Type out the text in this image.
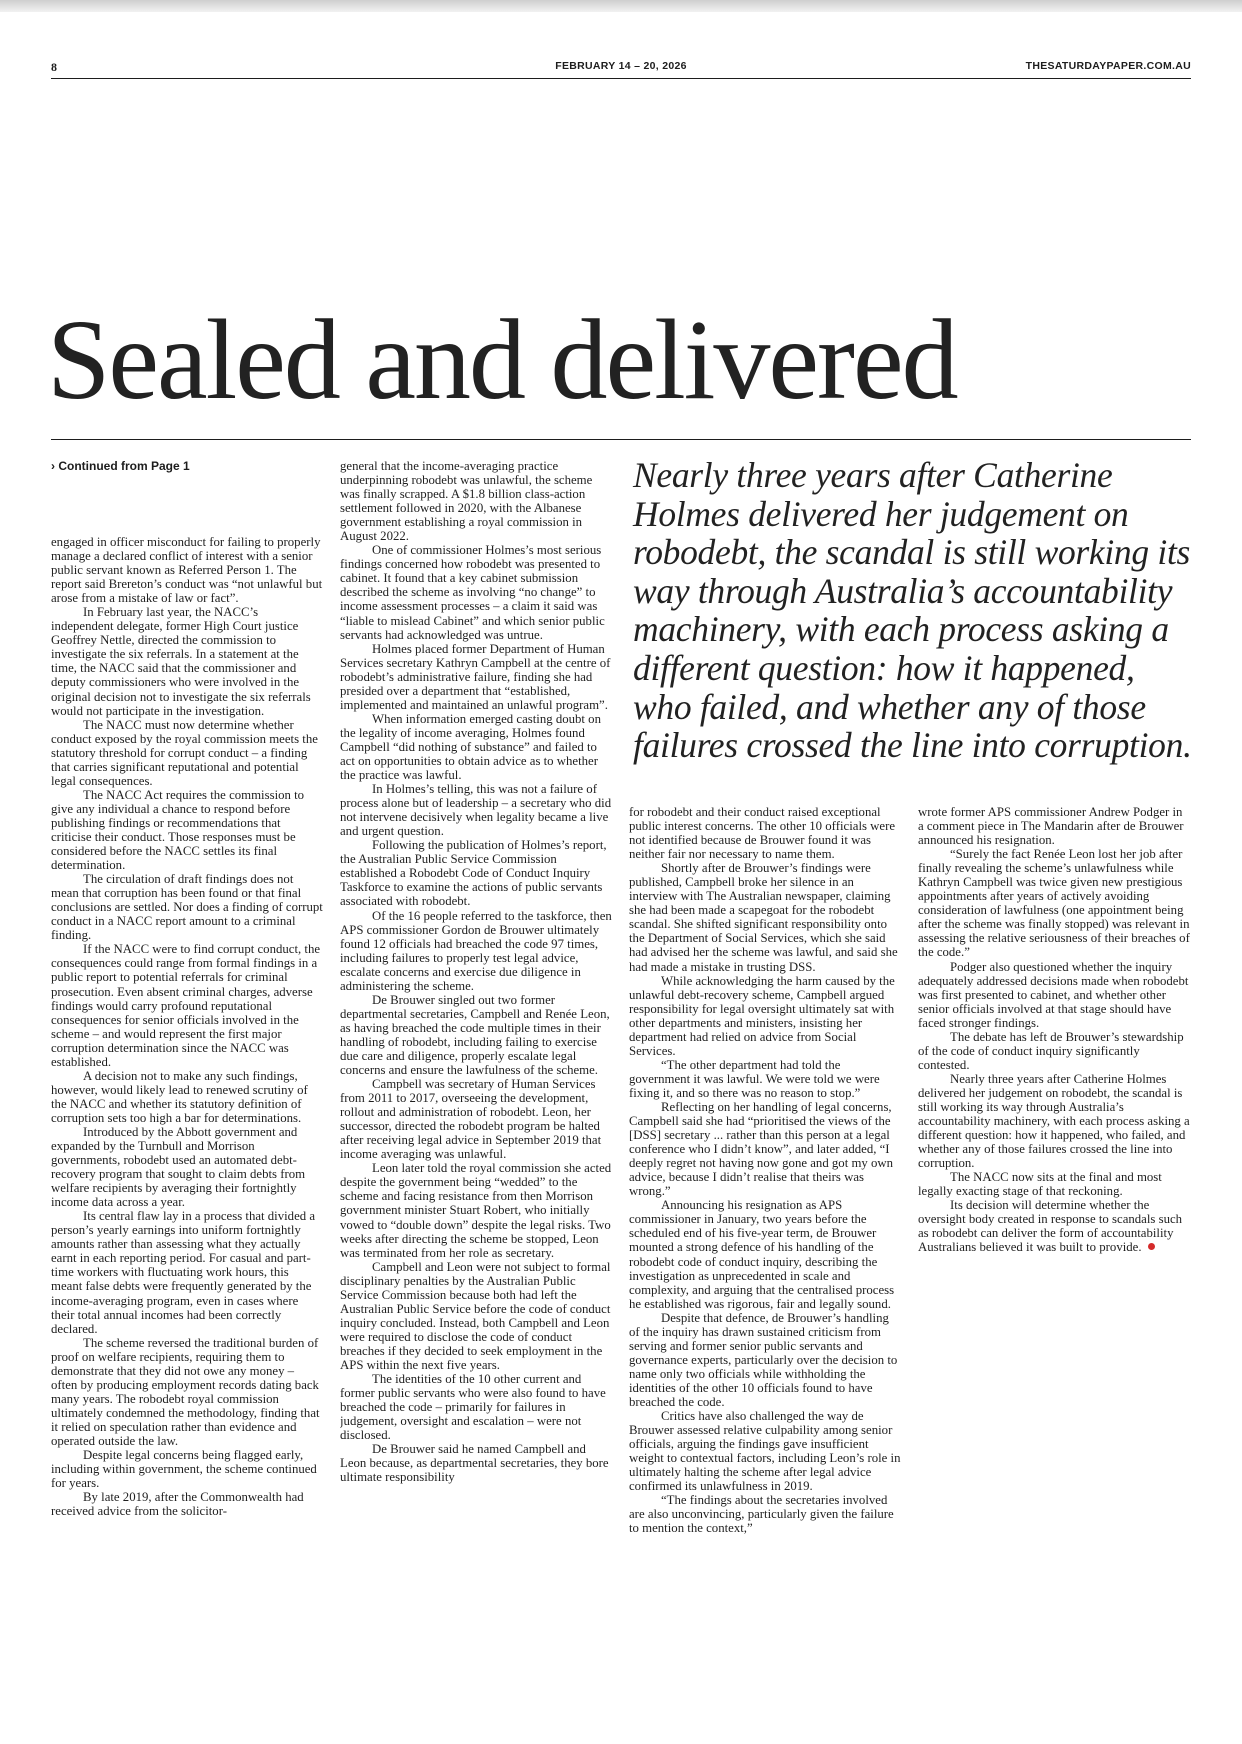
8	FEBRUARY 14 – 20, 2026	THESATURDAYPAPER.COM.AU
Sealed and delivered
› Continued from Page 1	Nearly three years after Catherine Holmes delivered her judgement on robodebt, the scandal is still working its way through Australia’s accountability machinery, with each process asking a different question: how it happened, who failed, and whether any of those failures crossed the line into corruption.

engaged in officer misconduct for failing to properly manage a declared conflict of interest with a senior public servant known as Referred Person 1. The report said Brereton’s conduct was “not unlawful but arose from a mistake of law or fact”.

In February last year, the NACC’s independent delegate, former High Court justice Geoffrey Nettle, directed the commission to investigate the six referrals. In a statement at the time, the NACC said that the commissioner and deputy commissioners who were involved in the original decision not to investigate the six referrals would not participate in the investigation.

The NACC must now determine whether conduct exposed by the royal commission meets the statutory threshold for corrupt conduct – a finding that carries significant reputational and potential legal consequences.

The NACC Act requires the commission to give any individual a chance to respond before publishing findings or recommendations that criticise their conduct. Those responses must be considered before the NACC settles its final determination.

The circulation of draft findings does not mean that corruption has been found or that final conclusions are settled. Nor does a finding of corrupt conduct in a NACC report amount to a criminal finding.

If the NACC were to find corrupt conduct, the consequences could range from formal findings in a public report to potential referrals for criminal prosecution. Even absent criminal charges, adverse findings would carry profound reputational consequences for senior officials involved in the scheme – and would represent the first major corruption determination since the NACC was established.

A decision not to make any such findings, however, would likely lead to renewed scrutiny of the NACC and whether its statutory definition of corruption sets too high a bar for determinations.

Introduced by the Abbott government and expanded by the Turnbull and Morrison governments, robodebt used an automated debt-recovery program that sought to claim debts from welfare recipients by averaging their fortnightly income data across a year.

Its central flaw lay in a process that divided a person’s yearly earnings into uniform fortnightly amounts rather than assessing what they actually earnt in each reporting period. For casual and part-time workers with fluctuating work hours, this meant false debts were frequently generated by the income-averaging program, even in cases where their total annual incomes had been correctly declared.

The scheme reversed the traditional burden of proof on welfare recipients, requiring them to demonstrate that they did not owe any money – often by producing employment records dating back many years. The robodebt royal commission ultimately condemned the methodology, finding that it relied on speculation rather than evidence and operated outside the law.

Despite legal concerns being flagged early, including within government, the scheme continued for years.

By late 2019, after the Commonwealth had received advice from the solicitor-

general that the income-averaging practice underpinning robodebt was unlawful, the scheme was finally scrapped. A $1.8 billion class-action settlement followed in 2020, with the Albanese government establishing a royal commission in August 2022.

One of commissioner Holmes’s most serious findings concerned how robodebt was presented to cabinet. It found that a key cabinet submission described the scheme as involving “no change” to income assessment processes – a claim it said was “liable to mislead Cabinet” and which senior public servants had acknowledged was untrue.

Holmes placed former Department of Human Services secretary Kathryn Campbell at the centre of robodebt’s administrative failure, finding she had presided over a department that “established, implemented and maintained an unlawful program”.

When information emerged casting doubt on the legality of income averaging, Holmes found Campbell “did nothing of substance” and failed to act on opportunities to obtain advice as to whether the practice was lawful.

In Holmes’s telling, this was not a failure of process alone but of leadership – a secretary who did not intervene decisively when legality became a live and urgent question.

Following the publication of Holmes’s report, the Australian Public Service Commission established a Robodebt Code of Conduct Inquiry Taskforce to examine the actions of public servants associated with robodebt.

Of the 16 people referred to the taskforce, then APS commissioner Gordon de Brouwer ultimately found 12 officials had breached the code 97 times, including failures to properly test legal advice, escalate concerns and exercise due diligence in administering the scheme.

De Brouwer singled out two former departmental secretaries, Campbell and Renée Leon, as having breached the code multiple times in their handling of robodebt, including failing to exercise due care and diligence, properly escalate legal concerns and ensure the lawfulness of the scheme.

Campbell was secretary of Human Services from 2011 to 2017, overseeing the development, rollout and administration of robodebt. Leon, her successor, directed the robodebt program be halted after receiving legal advice in September 2019 that income averaging was unlawful.

Leon later told the royal commission she acted despite the government being “wedded” to the scheme and facing resistance from then Morrison government minister Stuart Robert, who initially vowed to “double down” despite the legal risks. Two weeks after directing the scheme be stopped, Leon was terminated from her role as secretary.

Campbell and Leon were not subject to formal disciplinary penalties by the Australian Public Service Commission because both had left the Australian Public Service before the code of conduct inquiry concluded. Instead, both Campbell and Leon were required to disclose the code of conduct breaches if they decided to seek employment in the APS within the next five years.

The identities of the 10 other current and former public servants who were also found to have breached the code – primarily for failures in judgement, oversight and escalation – were not disclosed.

De Brouwer said he named Campbell and Leon because, as departmental secretaries, they bore ultimate responsibility

for robodebt and their conduct raised exceptional public interest concerns. The other 10 officials were not identified because de Brouwer found it was neither fair nor necessary to name them.

Shortly after de Brouwer’s findings were published, Campbell broke her silence in an interview with The Australian newspaper, claiming she had been made a scapegoat for the robodebt scandal. She shifted significant responsibility onto the Department of Social Services, which she said had advised her the scheme was lawful, and said she had made a mistake in trusting DSS.

While acknowledging the harm caused by the unlawful debt-recovery scheme, Campbell argued responsibility for legal oversight ultimately sat with other departments and ministers, insisting her department had relied on advice from Social Services.

“The other department had told the government it was lawful. We were told we were fixing it, and so there was no reason to stop.”

Reflecting on her handling of legal concerns, Campbell said she had “prioritised the views of the [DSS] secretary ... rather than this person at a legal conference who I didn’t know”, and later added, “I deeply regret not having now gone and got my own advice, because I didn’t realise that theirs was wrong.”

Announcing his resignation as APS commissioner in January, two years before the scheduled end of his five-year term, de Brouwer mounted a strong defence of his handling of the robodebt code of conduct inquiry, describing the investigation as unprecedented in scale and complexity, and arguing that the centralised process he established was rigorous, fair and legally sound.

Despite that defence, de Brouwer’s handling of the inquiry has drawn sustained criticism from serving and former senior public servants and governance experts, particularly over the decision to name only two officials while withholding the identities of the other 10 officials found to have breached the code.

Critics have also challenged the way de Brouwer assessed relative culpability among senior officials, arguing the findings gave insufficient weight to contextual factors, including Leon’s role in ultimately halting the scheme after legal advice confirmed its unlawfulness in 2019.

“The findings about the secretaries involved are also unconvincing, particularly given the failure to mention the context,”

wrote former APS commissioner Andrew Podger in a comment piece in The Mandarin after de Brouwer announced his resignation.

“Surely the fact Renée Leon lost her job after finally revealing the scheme’s unlawfulness while Kathryn Campbell was twice given new prestigious appointments after years of actively avoiding consideration of lawfulness (one appointment being after the scheme was finally stopped) was relevant in assessing the relative seriousness of their breaches of the code.”

Podger also questioned whether the inquiry adequately addressed decisions made when robodebt was first presented to cabinet, and whether other senior officials involved at that stage should have faced stronger findings.

The debate has left de Brouwer’s stewardship of the code of conduct inquiry significantly contested.

Nearly three years after Catherine Holmes delivered her judgement on robodebt, the scandal is still working its way through Australia’s accountability machinery, with each process asking a different question: how it happened, who failed, and whether any of those failures crossed the line into corruption.

The NACC now sits at the final and most legally exacting stage of that reckoning.

Its decision will determine whether the oversight body created in response to scandals such as robodebt can deliver the form of accountability Australians believed it was built to provide.
